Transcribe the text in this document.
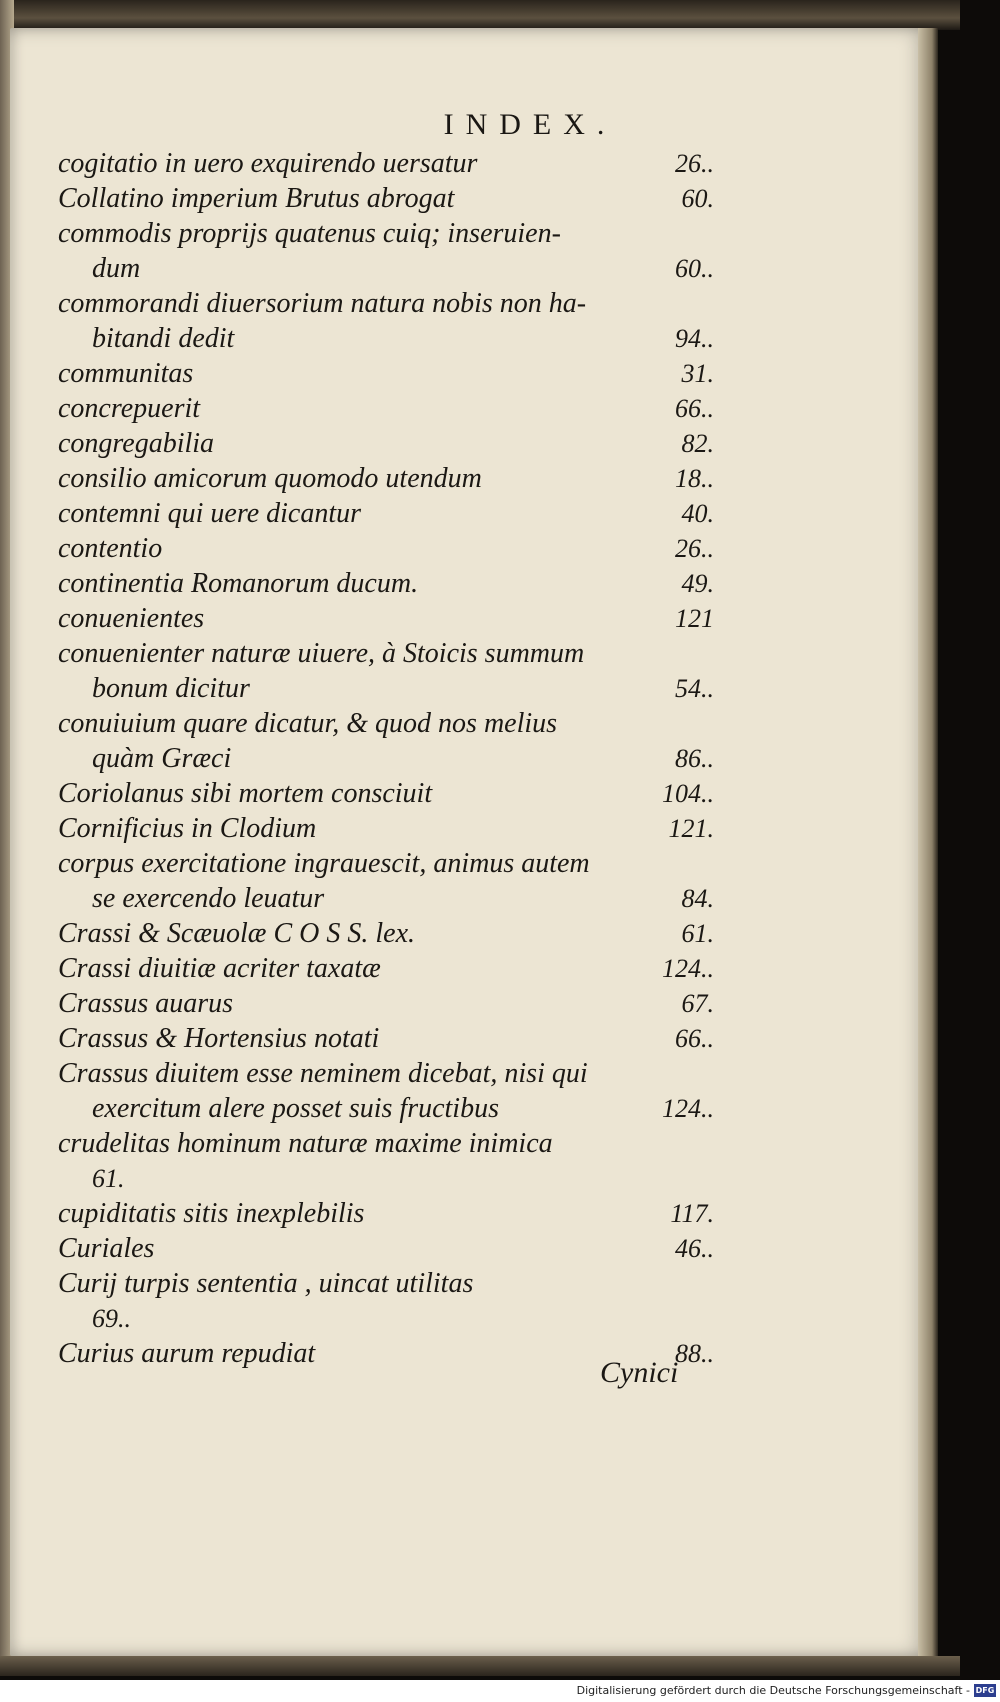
INDEX.
cogitatio in uero exquirendo uersatur	26..
Collatino imperium Brutus abrogat	60.
commodis proprijs quatenus cuiq; inseruien-
dum	60..
commorandi diuersorium natura nobis non ha-
bitandi dedit	94..
communitas	31.
concrepuerit	66..
congregabilia	82.
consilio amicorum quomodo utendum	18..
contemni qui uere dicantur	40.
contentio	26..
continentia Romanorum ducum.	49.
conuenientes	121
conuenienter naturæ uiuere, à Stoicis summum
bonum dicitur	54..
conuiuium quare dicatur, & quod nos melius
quàm Græci	86..
Coriolanus sibi mortem consciuit	104..
Cornificius in Clodium	121.
corpus exercitatione ingrauescit, animus autem
se exercendo leuatur	84.
Crassi & Scæuolæ C O S S. lex.	61.
Crassi diuitiæ acriter taxatæ	124..
Crassus auarus	67.
Crassus & Hortensius notati	66..
Crassus diuitem esse neminem dicebat, nisi qui
exercitum alere posset suis fructibus	124..
crudelitas hominum naturæ maxime inimica
61.
cupiditatis sitis inexplebilis	117.
Curiales	46..
Curij turpis sententia , uincat utilitas
69..
Curius aurum repudiat	88..
Cynici
Digitalisierung gefördert durch die Deutsche Forschungsgemeinschaft - DFG
